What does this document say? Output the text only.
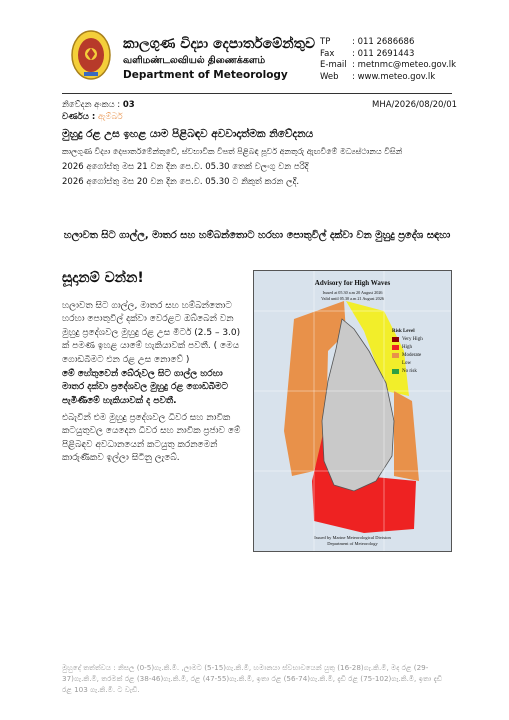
කාලගුණ විද්‍යා දෙපාර්තමේන්තුව
வளிமண்டலவியல் திணைக்களம்
Department of Meteorology
TP	: 011 2686686
Fax : 011 2691443
E-mail : metnmc@meteo.gov.lk
Web : www.meteo.gov.lk
නිවේදන අංකය : 03	MHA/2026/08/20/01
වර්ණය : ඇම්බර්
මුහුදු රළ උස ඉහළ යාම පිළිබඳව අවවාදාත්මක නිවේදනය
කාලගුණ විද්‍යා දෙපාර්තමේන්තුවේ, ස්වභාවික විපත් පිළිබඳ පූර්ව අනතුරු ඇඟවීමේ මධ්‍යස්ථානය විසින්
2026 අගෝස්තු මස 21 වන දින පෙ.ව. 05.30 තෙක් වලංගු වන පරිදි
2026 අගෝස්තු මස 20 වන දින පෙ.ව. 05.30 ට නිකුත් කරන ලදී.
හලාවත සිට ගාල්ල, මාතර සහ හම්බන්තොට හරහා පොතුවිල් දක්වා වන මුහුදු ප්‍රදේශ සඳහා
සූදානම් වන්න!
හලාවත සිට ගාල්ල, මාතර සහ හම්බන්තොට හරහා පොතුවිල් දක්වා වෙරළට ඔබ්බෙන් වන මුහුදු ප්‍රදේශවල මුහුදු රළ උස මීටර් (2.5 – 3.0) ක් පමණ ඉහළ යාමේ හැකියාවක් පවතී. ( මෙය ගොඩබිමට එන රළ උස නොවේ )
මේ හේතුවෙන් බේරුවල සිට ගාල්ල හරහා මාතර දක්වා ප්‍රදේශවල මුහුදු රළ ගොඩබිමට පැමිණීමේ හැකියාවක් ද පවතී.
එබැවින් එම මුහුදු ප්‍රදේශවල ධීවර සහ නාවික කටයුතුවල යෙදෙන ධීවර සහ නාවික ප්‍රජාව මේ පිළිබඳව අවධානයෙන් කටයුතු කරනමෙන් කාරුණිකව ඉල්ලා සිටිනු ලැබේ.
Advisory for High Waves
Issued at 05.30 a.m 20 August 2026
Valid until 05.30 a.m 21 August 2026
Risk Level
Very High
High
Moderate
Low
No risk
Issued by Marine Meteorological Division
Department of Meteorology
මුහුදේ තත්ත්වය : නිසල (0-5)ගැ.කි.මී. ,ලාමට (5-15)ගැ.කි.මී, හමානයා ස්වභාවයෙන් යුතු (16-28)ගැ.කි.මී, මද රළ (29-37)ගැ.කි.මී, තරමක් රළ (38-46)ගැ.කි.මී, රළ (47-55)ගැ.කි.මී, ඉතා රළ (56-74)ගැ.කි.මී, දැඩි රළ (75-102)ගැ.කි.මී, ඉතා දැඩි රළ 103 ගැ.කි.මී. ට වැඩි.
